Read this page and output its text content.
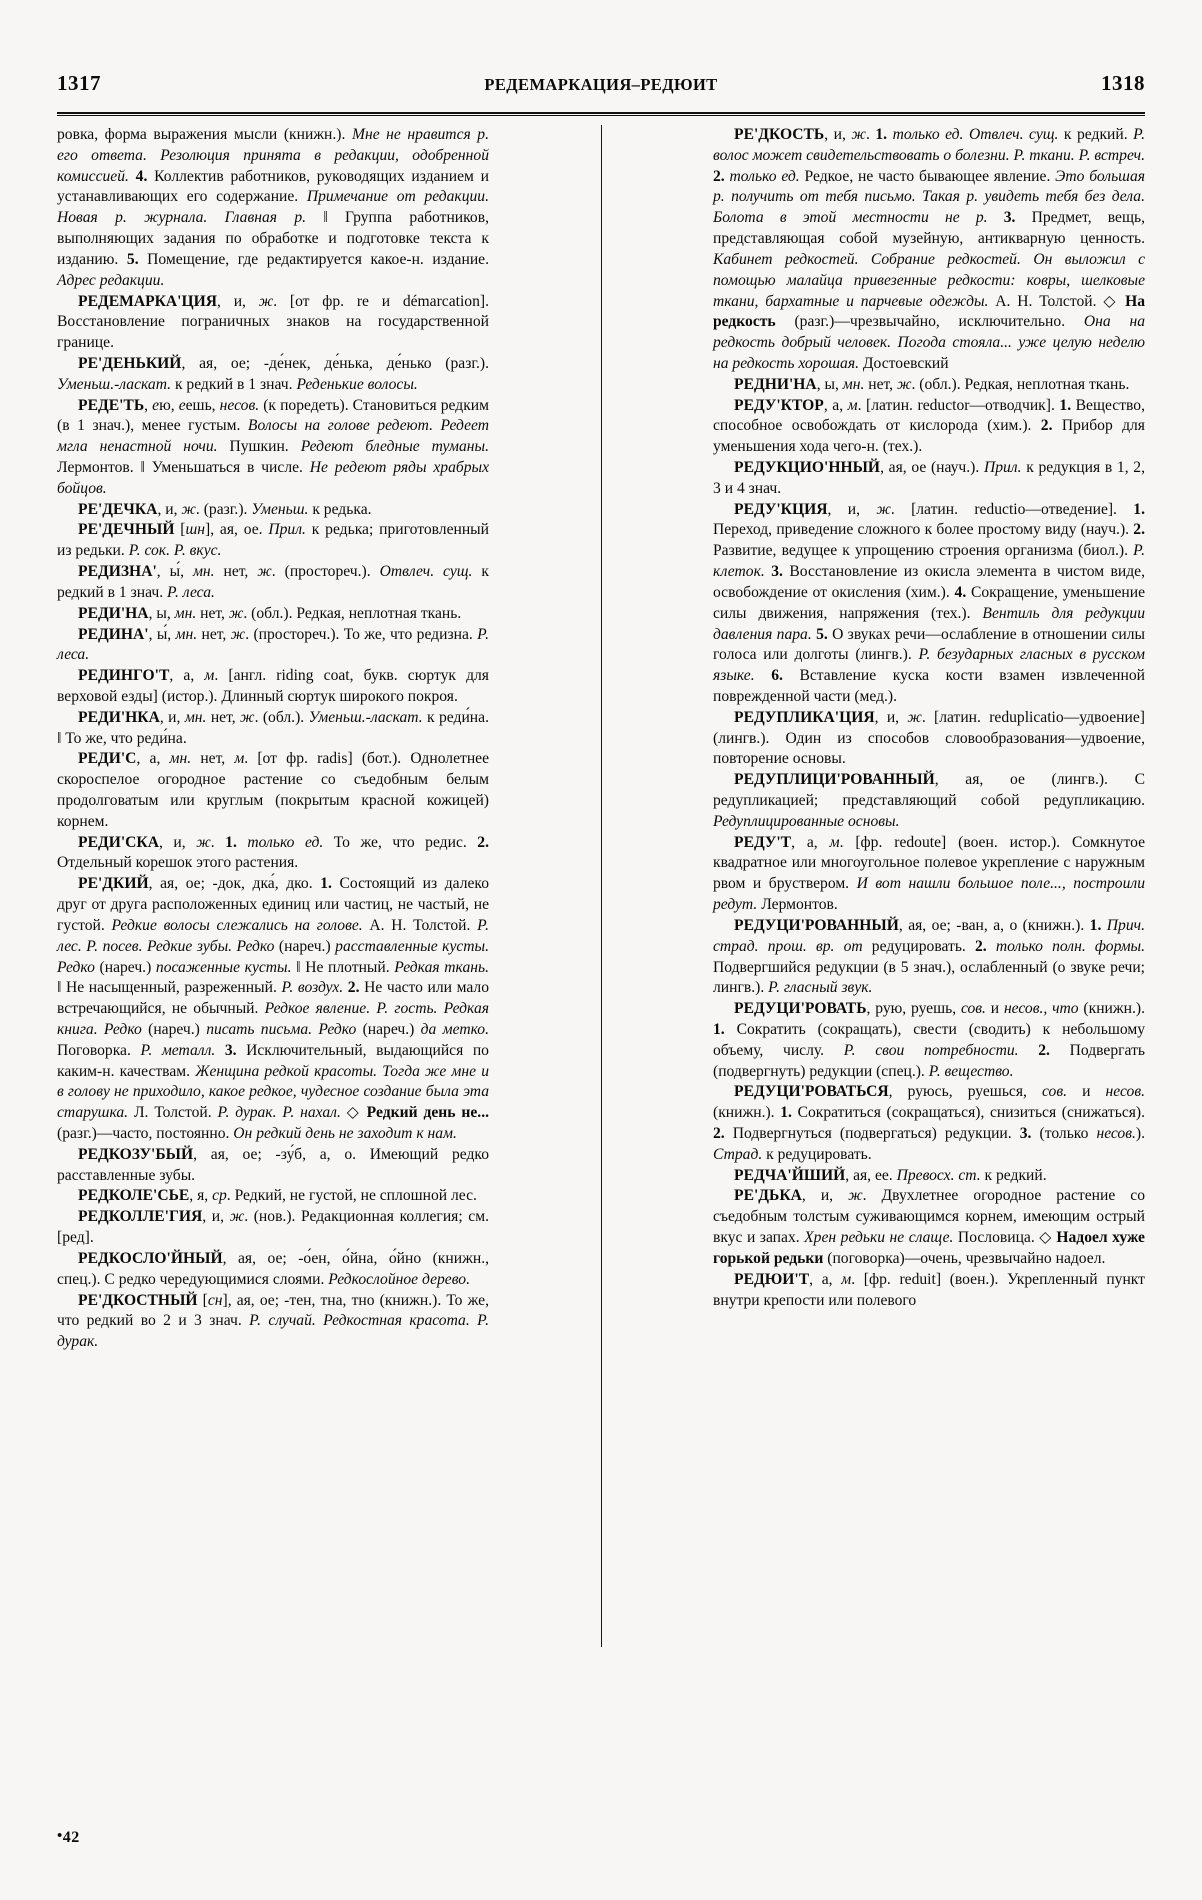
1317	РЕДЕМАРКАЦИЯ–РЕДЮИТ	1318

ровка, форма выражения мысли (книжн.). Мне не нравится р. его ответа. Резолюция принята в редакции, одобренной комиссией. 4. Коллектив работников, руководящих изданием и устанавливающих его содержание. Примечание от редакции. Новая р. журнала. Главная р. ‖ Группа работников, выполняющих задания по обработке и подготовке текста к изданию. 5. Помещение, где редактируется какое-н. издание. Адрес редакции.

РЕДЕМАРКА'ЦИЯ, и, ж. [от фр. re и démarcation]. Восстановление пограничных знаков на государственной границе.

РЕ'ДЕНЬКИЙ, ая, ое; -де́нек, де́нька, де́нько (разг.). Уменьш.-ласкат. к редкий в 1 знач. Реденькие волосы.

РЕДЕ'ТЬ, ею, еешь, несов. (к поредеть). Становиться редким (в 1 знач.), менее густым. Волосы на голове редеют. Редеет мгла ненастной ночи. Пушкин. Редеют бледные туманы. Лермонтов. ‖ Уменьшаться в числе. Не редеют ряды храбрых бойцов.

РЕ'ДЕЧКА, и, ж. (разг.). Уменьш. к редька.

РЕ'ДЕЧНЫЙ [шн], ая, ое. Прил. к редька; приготовленный из редьки. Р. сок. Р. вкус.

РЕДИЗНА', ы́, мн. нет, ж. (простореч.). Отвлеч. сущ. к редкий в 1 знач. Р. леса.

РЕДИ'НА, ы, мн. нет, ж. (обл.). Редкая, неплотная ткань.

РЕДИНА', ы́, мн. нет, ж. (простореч.). То же, что редизна. Р. леса.

РЕДИНГО'Т, а, м. [англ. riding coat, букв. сюртук для верховой езды] (истор.). Длинный сюртук широкого покроя.

РЕДИ'НКА, и, мн. нет, ж. (обл.). Уменьш.-ласкат. к реди́на. ‖ То же, что реди́на.

РЕДИ'С, а, мн. нет, м. [от фр. radis] (бот.). Однолетнее скороспелое огородное растение со съедобным белым продолговатым или круглым (покрытым красной кожицей) корнем.

РЕДИ'СКА, и, ж. 1. только ед. То же, что редис. 2. Отдельный корешок этого растения.

РЕ'ДКИЙ, ая, ое; -док, дка́, дко. 1. Состоящий из далеко друг от друга расположенных единиц или частиц, не частый, не густой. Редкие волосы слежались на голове. А. Н. Толстой. Р. лес. Р. посев. Редкие зубы. Редко (нареч.) расставленные кусты. Редко (нареч.) посаженные кусты. ‖ Не плотный. Редкая ткань. ‖ Не насыщенный, разреженный. Р. воздух. 2. Не часто или мало встречающийся, не обычный. Редкое явление. Р. гость. Редкая книга. Редко (нареч.) писать письма. Редко (нареч.) да метко. Поговорка. Р. металл. 3. Исключительный, выдающийся по каким-н. качествам. Женщина редкой красоты. Тогда же мне и в голову не приходило, какое редкое, чудесное создание была эта старушка. Л. Толстой. Р. дурак. Р. нахал. ◇ Редкий день не... (разг.)—часто, постоянно. Он редкий день не заходит к нам.

РЕДКОЗУ'БЫЙ, ая, ое; -зу́б, а, о. Имеющий редко расставленные зубы.

РЕДКОЛЕ'СЬЕ, я, ср. Редкий, не густой, не сплошной лес.

РЕДКОЛЛЕ'ГИЯ, и, ж. (нов.). Редакционная коллегия; см. [ред].

РЕДКОСЛО'ЙНЫЙ, ая, ое; -о́ен, о́йна, о́йно (книжн., спец.). С редко чередующимися слоями. Редкослойное дерево.

РЕ'ДКОСТНЫЙ [сн], ая, ое; -тен, тна, тно (книжн.). То же, что редкий во 2 и 3 знач. Р. случай. Редкостная красота. Р. дурак.

РЕ'ДКОСТЬ, и, ж. 1. только ед. Отвлеч. сущ. к редкий. Р. волос может свидетельствовать о болезни. Р. ткани. Р. встреч. 2. только ед. Редкое, не часто бывающее явление. Это большая р. получить от тебя письмо. Такая р. увидеть тебя без дела. Болота в этой местности не р. 3. Предмет, вещь, представляющая собой музейную, антикварную ценность. Кабинет редкостей. Собрание редкостей. Он выложил с помощью малайца привезенные редкости: ковры, шелковые ткани, бархатные и парчевые одежды. А. Н. Толстой. ◇ На редкость (разг.)—чрезвычайно, исключительно. Она на редкость добрый человек. Погода стояла... уже целую неделю на редкость хорошая. Достоевский

РЕДНИ'НА, ы, мн. нет, ж. (обл.). Редкая, неплотная ткань.

РЕДУ'КТОР, а, м. [латин. reductor—отводчик]. 1. Вещество, способное освобождать от кислорода (хим.). 2. Прибор для уменьшения хода чего-н. (тех.).

РЕДУКЦИО'ННЫЙ, ая, ое (науч.). Прил. к редукция в 1, 2, 3 и 4 знач.

РЕДУ'КЦИЯ, и, ж. [латин. reductio—отведение]. 1. Переход, приведение сложного к более простому виду (науч.). 2. Развитие, ведущее к упрощению строения организма (биол.). Р. клеток. 3. Восстановление из окисла элемента в чистом виде, освобождение от окисления (хим.). 4. Сокращение, уменьшение силы движения, напряжения (тех.). Вентиль для редукции давления пара. 5. О звуках речи—ослабление в отношении силы голоса или долготы (лингв.). Р. безударных гласных в русском языке. 6. Вставление куска кости взамен извлеченной поврежденной части (мед.).

РЕДУПЛИКА'ЦИЯ, и, ж. [латин. reduplicatio—удвоение] (лингв.). Один из способов словообразования—удвоение, повторение основы.

РЕДУПЛИЦИ'РОВАННЫЙ, ая, ое (лингв.). С редупликацией; представляющий собой редупликацию. Редуплицированные основы.

РЕДУ'Т, а, м. [фр. redoute] (воен. истор.). Сомкнутое квадратное или многоугольное полевое укрепление с наружным рвом и бруствером. И вот нашли большое поле..., построили редут. Лермонтов.

РЕДУЦИ'РОВАННЫЙ, ая, ое; -ван, а, о (книжн.). 1. Прич. страд. прош. вр. от редуцировать. 2. только полн. формы. Подвергшийся редукции (в 5 знач.), ослабленный (о звуке речи; лингв.). Р. гласный звук.

РЕДУЦИ'РОВАТЬ, рую, руешь, сов. и несов., что (книжн.). 1. Сократить (сокращать), свести (сводить) к небольшому объему, числу. Р. свои потребности. 2. Подвергать (подвергнуть) редукции (спец.). Р. вещество.

РЕДУЦИ'РОВАТЬСЯ, руюсь, руешься, сов. и несов. (книжн.). 1. Сократиться (сокращаться), снизиться (снижаться). 2. Подвергнуться (подвергаться) редукции. 3. (только несов.). Страд. к редуцировать.

РЕДЧА'ЙШИЙ, ая, ее. Превосх. ст. к редкий.

РЕ'ДЬКА, и, ж. Двухлетнее огородное растение со съедобным толстым суживающимся корнем, имеющим острый вкус и запах. Хрен редьки не слаще. Пословица. ◇ Надоел хуже горькой редьки (поговорка)—очень, чрезвычайно надоел.

РЕДЮИ'Т, а, м. [фр. reduit] (воен.). Укрепленный пункт внутри крепости или полевого

•42
